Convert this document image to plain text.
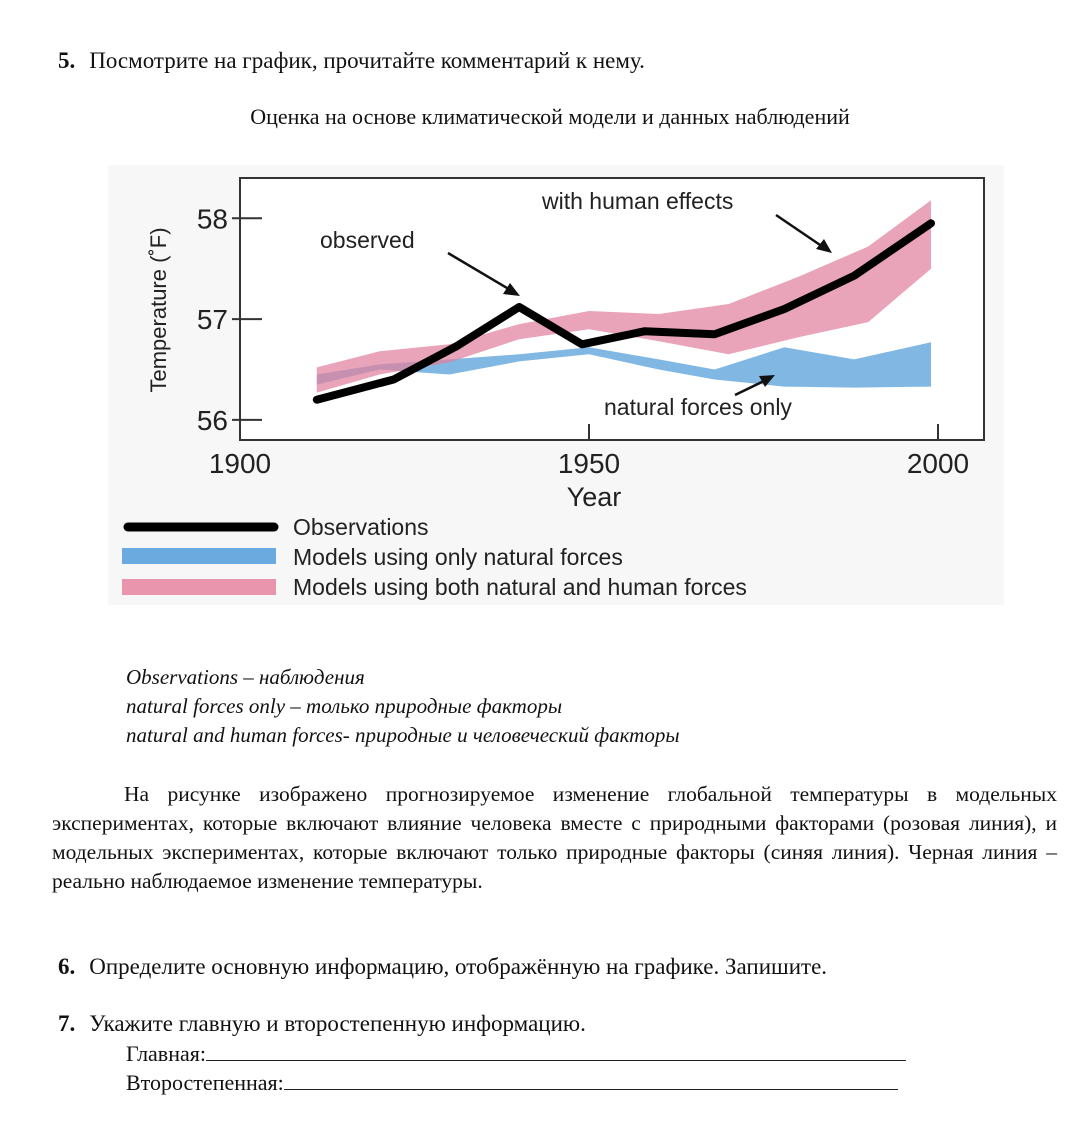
5. Посмотрите на график, прочитайте комментарий к нему.
Оценка на основе климатической модели и данных наблюдений
56
57
58
1900	1950	2000
Temperature (˚F)
Year
with human effects
observed
natural forces only
Observations
Models using only natural forces
Models using both natural and human forces
Observations – наблюдения
natural forces only – только природные факторы
natural and human forces- природные и человеческий факторы
На рисунке изображено прогнозируемое изменение глобальной температуры в модельных экспериментах, которые включают влияние человека вместе с природными факторами (розовая линия), и модельных экспериментах, которые включают только природные факторы (синяя линия). Черная линия – реально наблюдаемое изменение температуры.
6. Определите основную информацию, отображённую на графике. Запишите.
7. Укажите главную и второстепенную информацию.
Главная:
Второстепенная:
